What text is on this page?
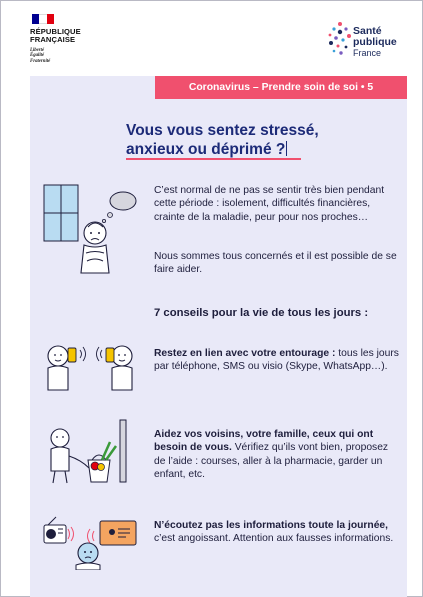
RÉPUBLIQUE
FRANÇAISE
Liberté
Égalité
Fraternité
Santé
publique
France
Coronavirus – Prendre soin de soi • 5
Vous vous sentez stressé,
anxieux ou déprimé ?
C’est normal de ne pas se sentir très bien pendant cette période : isolement, difficultés financières, crainte de la maladie, peur pour nos proches…
Nous sommes tous concernés et il est possible de se faire aider.
7 conseils pour la vie de tous les jours :
Restez en lien avec votre entourage : tous les jours par téléphone, SMS ou visio (Skype, WhatsApp…).
Aidez vos voisins, votre famille, ceux qui ont besoin de vous. Vérifiez qu’ils vont bien, proposez de l’aide : courses, aller à la pharmacie, garder un enfant, etc.
N’écoutez pas les informations toute la journée, c’est angoissant. Attention aux fausses informations.
